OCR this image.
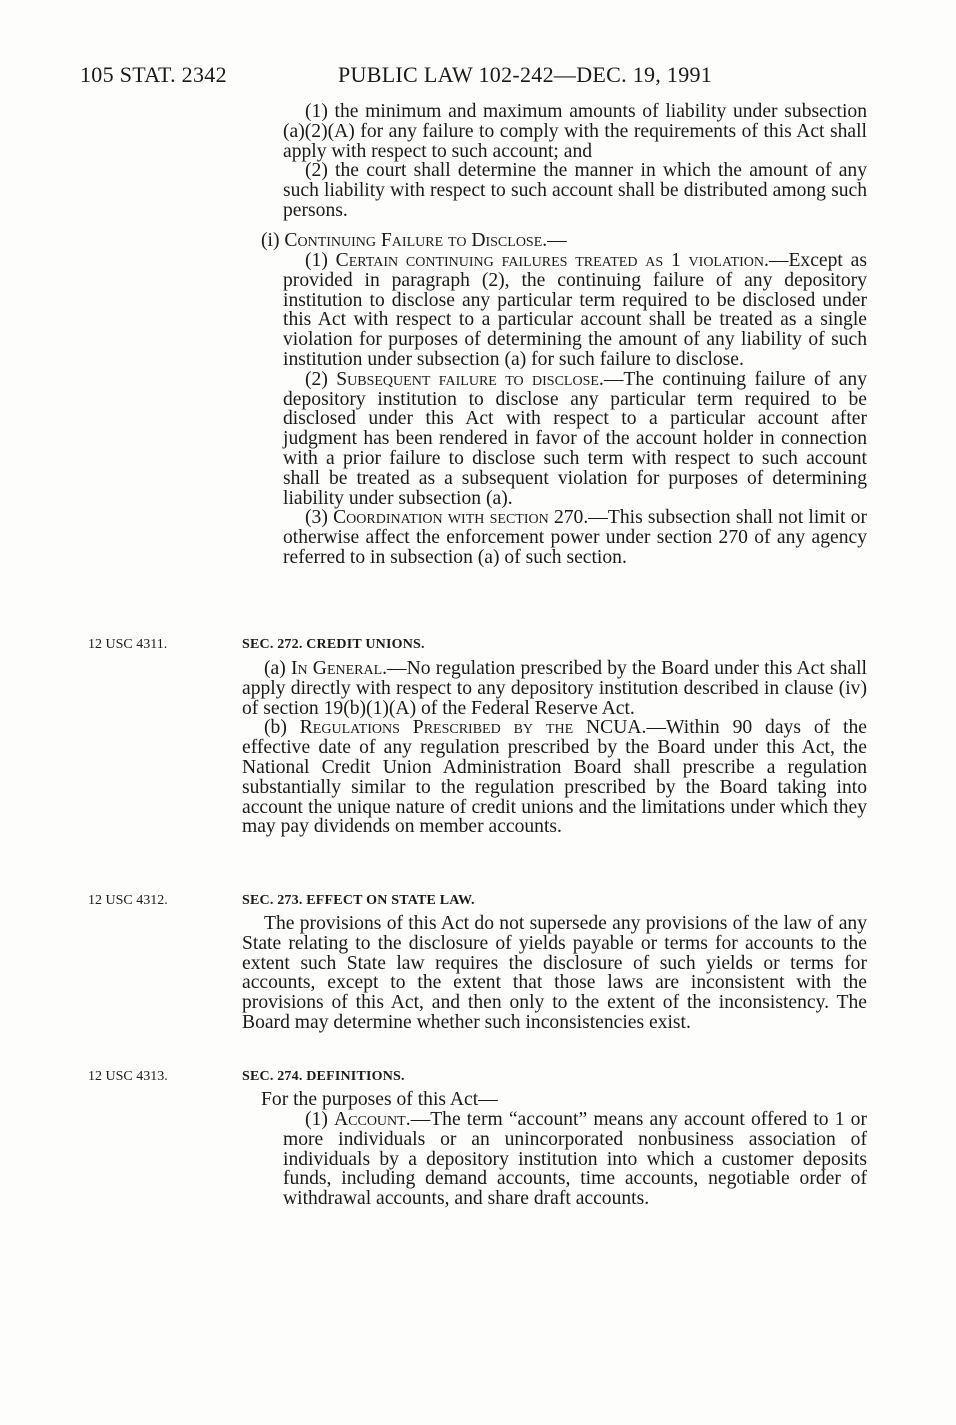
105 STAT. 2342	PUBLIC LAW 102-242—DEC. 19, 1991

(1) the minimum and maximum amounts of liability under subsection (a)(2)(A) for any failure to comply with the requirements of this Act shall apply with respect to such account; and

(2) the court shall determine the manner in which the amount of any such liability with respect to such account shall be distributed among such persons.

(i) Continuing Failure to Disclose.—

(1) Certain continuing failures treated as 1 violation.—Except as provided in paragraph (2), the continuing failure of any depository institution to disclose any particular term required to be disclosed under this Act with respect to a particular account shall be treated as a single violation for purposes of determining the amount of any liability of such institution under subsection (a) for such failure to disclose.

(2) Subsequent failure to disclose.—The continuing failure of any depository institution to disclose any particular term required to be disclosed under this Act with respect to a particular account after judgment has been rendered in favor of the account holder in connection with a prior failure to disclose such term with respect to such account shall be treated as a subsequent violation for purposes of determining liability under subsection (a).

(3) Coordination with section 270.—This subsection shall not limit or otherwise affect the enforcement power under section 270 of any agency referred to in subsection (a) of such section.

12 USC 4311.	SEC. 272. CREDIT UNIONS.

(a) In General.—No regulation prescribed by the Board under this Act shall apply directly with respect to any depository institution described in clause (iv) of section 19(b)(1)(A) of the Federal Reserve Act.

(b) Regulations Prescribed by the NCUA.—Within 90 days of the effective date of any regulation prescribed by the Board under this Act, the National Credit Union Administration Board shall prescribe a regulation substantially similar to the regulation prescribed by the Board taking into account the unique nature of credit unions and the limitations under which they may pay dividends on member accounts.

12 USC 4312.	SEC. 273. EFFECT ON STATE LAW.

The provisions of this Act do not supersede any provisions of the law of any State relating to the disclosure of yields payable or terms for accounts to the extent such State law requires the disclosure of such yields or terms for accounts, except to the extent that those laws are inconsistent with the provisions of this Act, and then only to the extent of the inconsistency. The Board may determine whether such inconsistencies exist.

12 USC 4313.	SEC. 274. DEFINITIONS.

For the purposes of this Act—

(1) Account.—The term “account” means any account offered to 1 or more individuals or an unincorporated nonbusiness association of individuals by a depository institution into which a customer deposits funds, including demand accounts, time accounts, negotiable order of withdrawal accounts, and share draft accounts.
